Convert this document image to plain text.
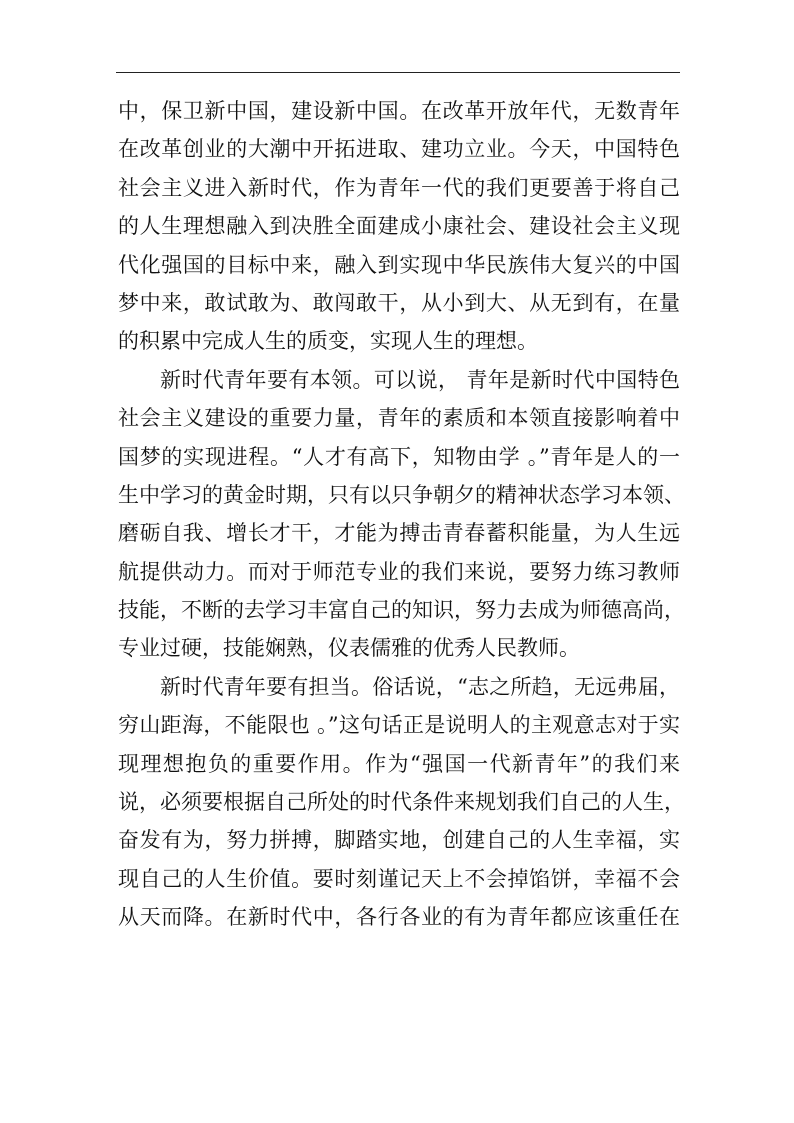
中，保卫新中国，建设新中国。在改革开放年代，无数青年
在改革创业的大潮中开拓进取、建功立业。今天，中国特色
社会主义进入新时代，作为青年一代的我们更要善于将自己
的人生理想融入到决胜全面建成小康社会、建设社会主义现
代化强国的目标中来，融入到实现中华民族伟大复兴的中国
梦中来，敢试敢为、敢闯敢干，从小到大、从无到有，在量
的积累中完成人生的质变，实现人生的理想。
新时代青年要有本领。可以说， 青年是新时代中国特色
社会主义建设的重要力量，青年的素质和本领直接影响着中
国梦的实现进程。“人才有高下，知物由学 。”青年是人的一
生中学习的黄金时期，只有以只争朝夕的精神状态学习本领、
磨砺自我、增长才干，才能为搏击青春蓄积能量，为人生远
航提供动力。而对于师范专业的我们来说，要努力练习教师
技能，不断的去学习丰富自己的知识，努力去成为师德高尚，
专业过硬，技能娴熟，仪表儒雅的优秀人民教师。
新时代青年要有担当。俗话说，“志之所趋，无远弗届，
穷山距海，不能限也 。”这句话正是说明人的主观意志对于实
现理想抱负的重要作用。作为“强国一代新青年”的我们来
说，必须要根据自己所处的时代条件来规划我们自己的人生，
奋发有为，努力拼搏，脚踏实地，创建自己的人生幸福，实
现自己的人生价值。要时刻谨记天上不会掉馅饼，幸福不会
从天而降。在新时代中，各行各业的有为青年都应该重任在
